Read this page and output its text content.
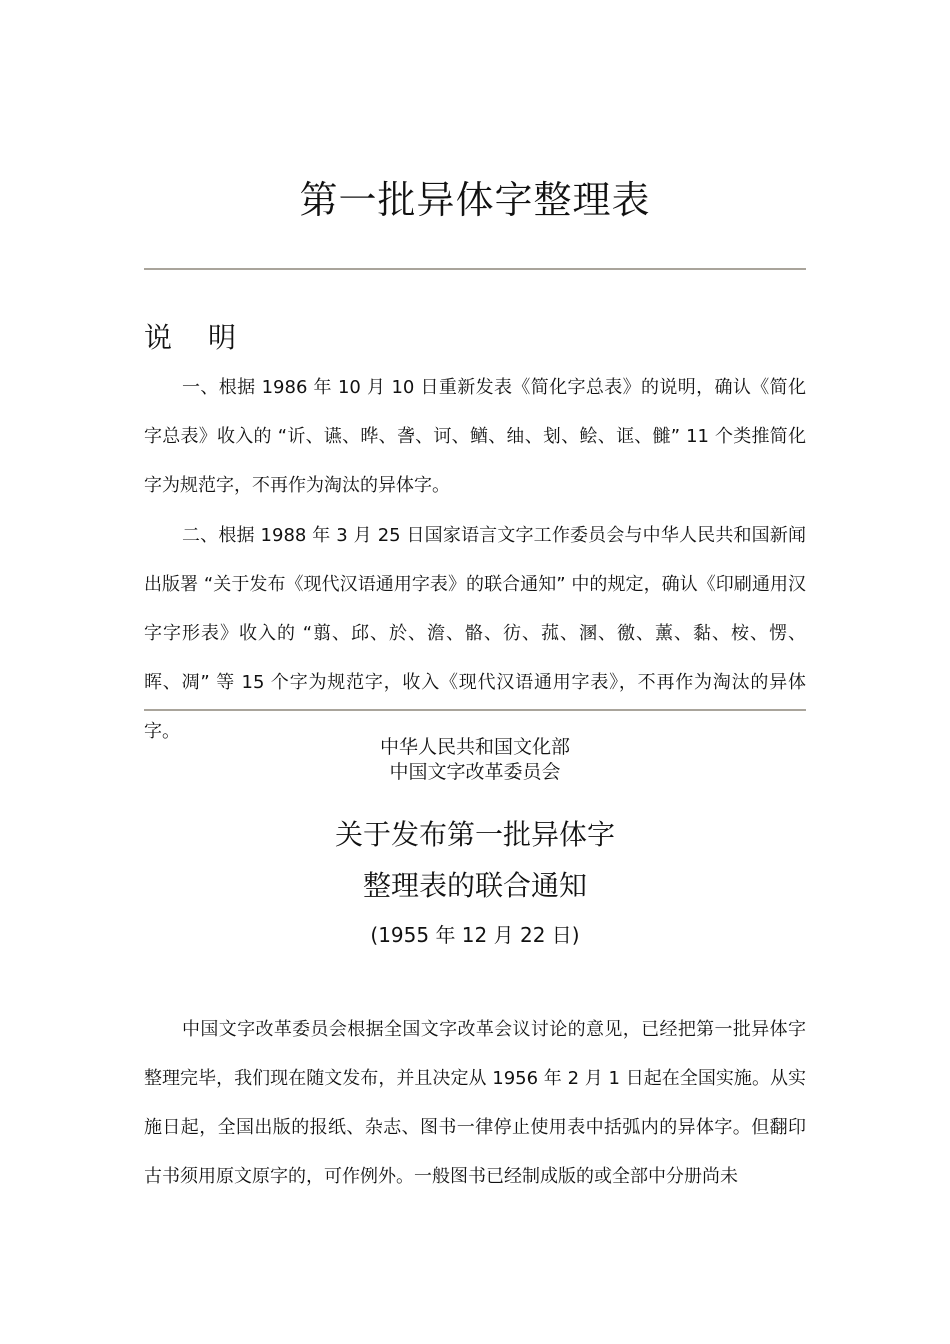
第一批异体字整理表
说 明

一、根据 1986 年 10 月 10 日重新发表《简化字总表》的说明，确认《简化字总表》收入的 “䜣、䜩、晔、詟、诃、䲡、䌷、刬、鲙、诓、雠” 11 个类推简化字为规范字，不再作为淘汰的异体字。

二、根据 1988 年 3 月 25 日国家语言文字工作委员会与中华人民共和国新闻出版署 “关于发布《现代汉语通用字表》的联合通知” 中的规定，确认《印刷通用汉字字形表》收入的 “翦、邱、於、澹、骼、彷、菰、溷、徼、薰、黏、桉、愣、晖、凋” 等 15 个字为规范字，收入《现代汉语通用字表》，不再作为淘汰的异体字。

中华人民共和国文化部
中国文字改革委员会
关于发布第一批异体字
整理表的联合通知
(1955 年 12 月 22 日)

中国文字改革委员会根据全国文字改革会议讨论的意见，已经把第一批异体字整理完毕，我们现在随文发布，并且决定从 1956 年 2 月 1 日起在全国实施。从实施日起，全国出版的报纸、杂志、图书一律停止使用表中括弧内的异体字。但翻印古书须用原文原字的，可作例外。一般图书已经制成版的或全部中分册尚未
